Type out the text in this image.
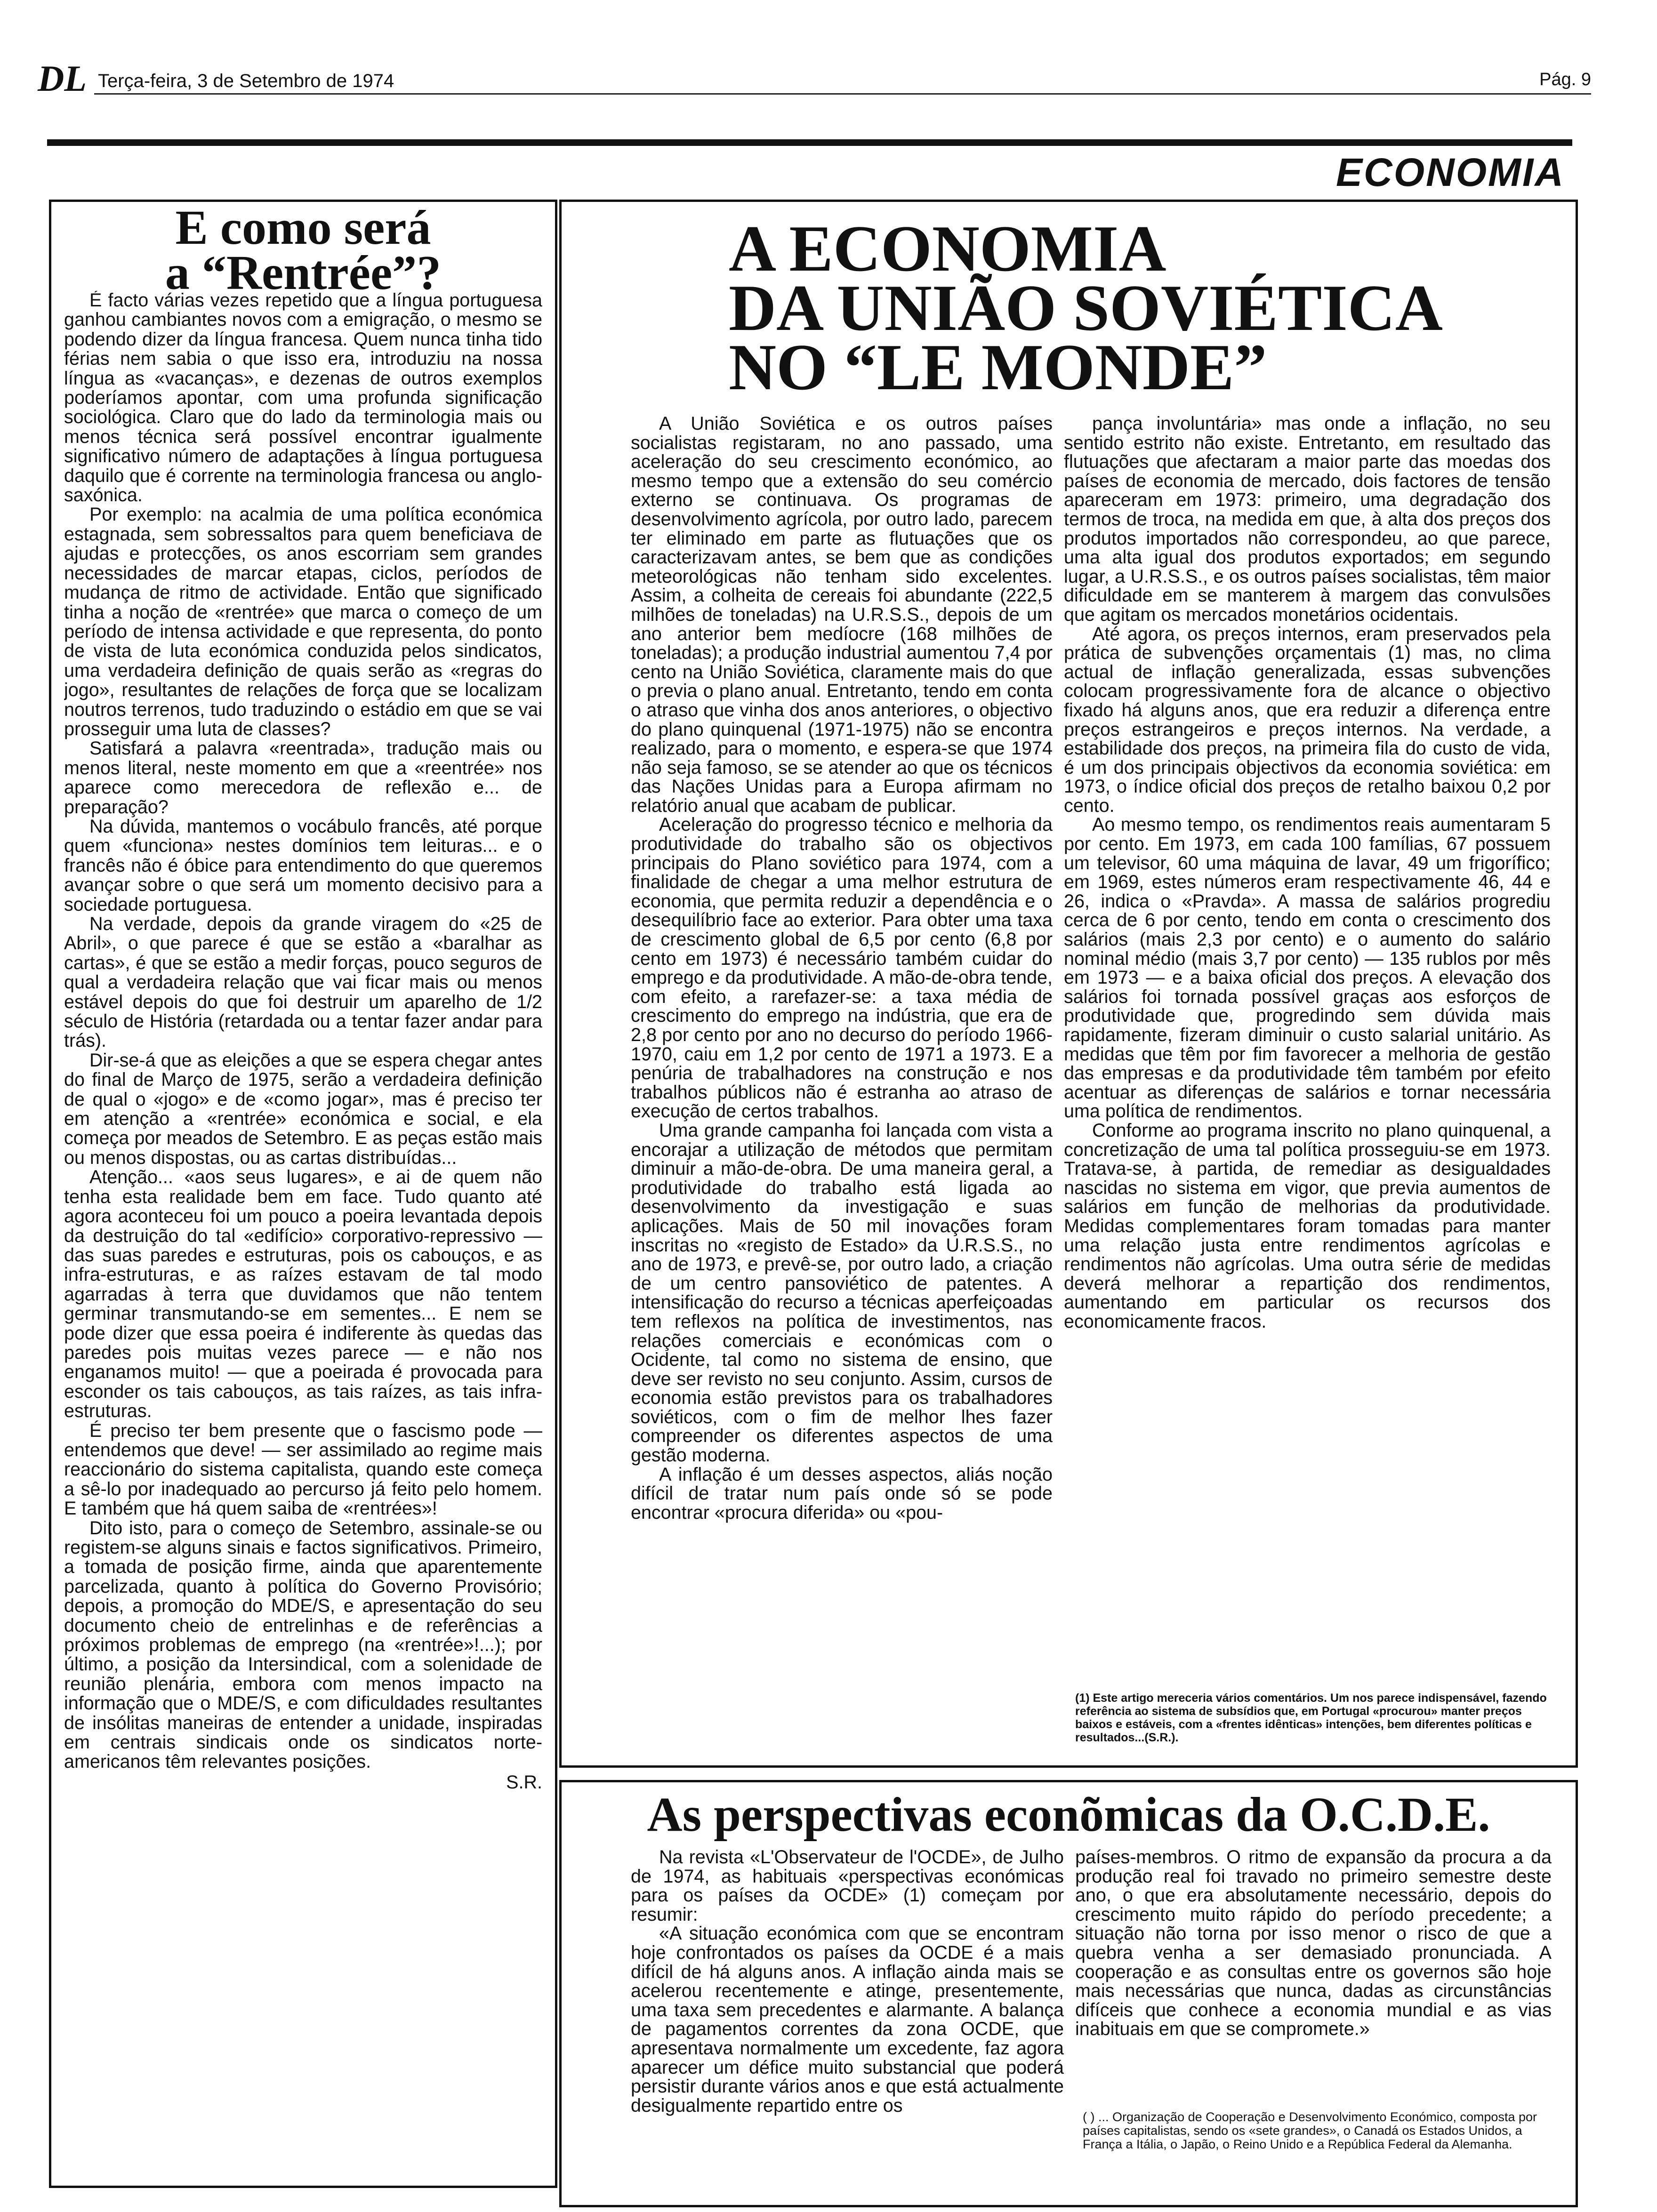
DL Terça-feira, 3 de Setembro de 1974	Pág. 9
ECONOMIA
E como será
a “Rentrée”?

É facto várias vezes repetido que a língua portuguesa ganhou cambiantes novos com a emigração, o mesmo se podendo dizer da língua francesa. Quem nunca tinha tido férias nem sabia o que isso era, introduziu na nossa língua as «vacanças», e dezenas de outros exemplos poderíamos apontar, com uma profunda significação sociológica. Claro que do lado da terminologia mais ou menos técnica será possível encontrar igualmente significativo número de adaptações à língua portuguesa daquilo que é corrente na terminologia francesa ou anglo-saxónica.

Por exemplo: na acalmia de uma política económica estagnada, sem sobressaltos para quem beneficiava de ajudas e protecções, os anos escorriam sem grandes necessidades de marcar etapas, ciclos, períodos de mudança de ritmo de actividade. Então que significado tinha a noção de «rentrée» que marca o começo de um período de intensa actividade e que representa, do ponto de vista de luta económica conduzida pelos sindicatos, uma verdadeira definição de quais serão as «regras do jogo», resultantes de relações de força que se localizam noutros terrenos, tudo traduzindo o estádio em que se vai prosseguir uma luta de classes?

Satisfará a palavra «reentrada», tradução mais ou menos literal, neste momento em que a «reentrée» nos aparece como merecedora de reflexão e... de preparação?

Na dúvida, mantemos o vocábulo francês, até porque quem «funciona» nestes domínios tem leituras... e o francês não é óbice para entendimento do que queremos avançar sobre o que será um momento decisivo para a sociedade portuguesa.

Na verdade, depois da grande viragem do «25 de Abril», o que parece é que se estão a «baralhar as cartas», é que se estão a medir forças, pouco seguros de qual a verdadeira relação que vai ficar mais ou menos estável depois do que foi destruir um aparelho de 1/2 século de História (retardada ou a tentar fazer andar para trás).

Dir-se-á que as eleições a que se espera chegar antes do final de Março de 1975, serão a verdadeira definição de qual o «jogo» e de «como jogar», mas é preciso ter em atenção a «rentrée» económica e social, e ela começa por meados de Setembro. E as peças estão mais ou menos dispostas, ou as cartas distribuídas...

Atenção... «aos seus lugares», e ai de quem não tenha esta realidade bem em face. Tudo quanto até agora aconteceu foi um pouco a poeira levantada depois da destruição do tal «edifício» corporativo-repressivo — das suas paredes e estruturas, pois os cabouços, e as infra-estruturas, e as raízes estavam de tal modo agarradas à terra que duvidamos que não tentem germinar transmutando-se em sementes... E nem se pode dizer que essa poeira é indiferente às quedas das paredes pois muitas vezes parece — e não nos enganamos muito! — que a poeirada é provocada para esconder os tais cabouços, as tais raízes, as tais infra-estruturas.

É preciso ter bem presente que o fascismo pode — entendemos que deve! — ser assimilado ao regime mais reaccionário do sistema capitalista, quando este começa a sê-lo por inadequado ao percurso já feito pelo homem. E também que há quem saiba de «rentrées»!

Dito isto, para o começo de Setembro, assinale-se ou registem-se alguns sinais e factos significativos. Primeiro, a tomada de posição firme, ainda que aparentemente parcelizada, quanto à política do Governo Provisório; depois, a promoção do MDE/S, e apresentação do seu documento cheio de entrelinhas e de referências a próximos problemas de emprego (na «rentrée»!...); por último, a posição da Intersindical, com a solenidade de reunião plenária, embora com menos impacto na informação que o MDE/S, e com dificuldades resultantes de insólitas maneiras de entender a unidade, inspiradas em centrais sindicais onde os sindicatos norte-americanos têm relevantes posições.

S.R.
A ECONOMIA
DA UNIÃO SOVIÉTICA
NO “LE MONDE”

A União Soviética e os outros países socialistas registaram, no ano passado, uma aceleração do seu crescimento económico, ao mesmo tempo que a extensão do seu comércio externo se continuava. Os programas de desenvolvimento agrícola, por outro lado, parecem ter eliminado em parte as flutuações que os caracterizavam antes, se bem que as condições meteorológicas não tenham sido excelentes. Assim, a colheita de cereais foi abundante (222,5 milhões de toneladas) na U.R.S.S., depois de um ano anterior bem medíocre (168 milhões de toneladas); a produção industrial aumentou 7,4 por cento na União Soviética, claramente mais do que o previa o plano anual. Entretanto, tendo em conta o atraso que vinha dos anos anteriores, o objectivo do plano quinquenal (1971-1975) não se encontra realizado, para o momento, e espera-se que 1974 não seja famoso, se se atender ao que os técnicos das Nações Unidas para a Europa afirmam no relatório anual que acabam de publicar.

Aceleração do progresso técnico e melhoria da produtividade do trabalho são os objectivos principais do Plano soviético para 1974, com a finalidade de chegar a uma melhor estrutura de economia, que permita reduzir a dependência e o desequilíbrio face ao exterior. Para obter uma taxa de crescimento global de 6,5 por cento (6,8 por cento em 1973) é necessário também cuidar do emprego e da produtividade. A mão-de-obra tende, com efeito, a rarefazer-se: a taxa média de crescimento do emprego na indústria, que era de 2,8 por cento por ano no decurso do período 1966-1970, caiu em 1,2 por cento de 1971 a 1973. E a penúria de trabalhadores na construção e nos trabalhos públicos não é estranha ao atraso de execução de certos trabalhos.

Uma grande campanha foi lançada com vista a encorajar a utilização de métodos que permitam diminuir a mão-de-obra. De uma maneira geral, a produtividade do trabalho está ligada ao desenvolvimento da investigação e suas aplicações. Mais de 50 mil inovações foram inscritas no «registo de Estado» da U.R.S.S., no ano de 1973, e prevê-se, por outro lado, a criação de um centro pansoviético de patentes. A intensificação do recurso a técnicas aperfeiçoadas tem reflexos na política de investimentos, nas relações comerciais e económicas com o Ocidente, tal como no sistema de ensino, que deve ser revisto no seu conjunto. Assim, cursos de economia estão previstos para os trabalhadores soviéticos, com o fim de melhor lhes fazer compreender os diferentes aspectos de uma gestão moderna.

A inflação é um desses aspectos, aliás noção difícil de tratar num país onde só se pode encontrar «procura diferida» ou «pou-

pança involuntária» mas onde a inflação, no seu sentido estrito não existe. Entretanto, em resultado das flutuações que afectaram a maior parte das moedas dos países de economia de mercado, dois factores de tensão apareceram em 1973: primeiro, uma degradação dos termos de troca, na medida em que, à alta dos preços dos produtos importados não correspondeu, ao que parece, uma alta igual dos produtos exportados; em segundo lugar, a U.R.S.S., e os outros países socialistas, têm maior dificuldade em se manterem à margem das convulsões que agitam os mercados monetários ocidentais.

Até agora, os preços internos, eram preservados pela prática de subvenções orçamentais (1) mas, no clima actual de inflação generalizada, essas subvenções colocam progressivamente fora de alcance o objectivo fixado há alguns anos, que era reduzir a diferença entre preços estrangeiros e preços internos. Na verdade, a estabilidade dos preços, na primeira fila do custo de vida, é um dos principais objectivos da economia soviética: em 1973, o índice oficial dos preços de retalho baixou 0,2 por cento.

Ao mesmo tempo, os rendimentos reais aumentaram 5 por cento. Em 1973, em cada 100 famílias, 67 possuem um televisor, 60 uma máquina de lavar, 49 um frigorífico; em 1969, estes números eram respectivamente 46, 44 e 26, indica o «Pravda». A massa de salários progrediu cerca de 6 por cento, tendo em conta o crescimento dos salários (mais 2,3 por cento) e o aumento do salário nominal médio (mais 3,7 por cento) — 135 rublos por mês em 1973 — e a baixa oficial dos preços. A elevação dos salários foi tornada possível graças aos esforços de produtividade que, progredindo sem dúvida mais rapidamente, fizeram diminuir o custo salarial unitário. As medidas que têm por fim favorecer a melhoria de gestão das empresas e da produtividade têm também por efeito acentuar as diferenças de salários e tornar necessária uma política de rendimentos.

Conforme ao programa inscrito no plano quinquenal, a concretização de uma tal política prosseguiu-se em 1973. Tratava-se, à partida, de remediar as desigualdades nascidas no sistema em vigor, que previa aumentos de salários em função de melhorias da produtividade. Medidas complementares foram tomadas para manter uma relação justa entre rendimentos agrícolas e rendimentos não agrícolas. Uma outra série de medidas deverá melhorar a repartição dos rendimentos, aumentando em particular os recursos dos economicamente fracos.

(1) Este artigo mereceria vários comentários. Um nos parece indispensável, fazendo referência ao sistema de subsídios que, em Portugal «procurou» manter preços baixos e estáveis, com a «frentes idênticas» intenções, bem diferentes políticas e resultados...(S.R.).

As perspectivas econõmicas da O.C.D.E.

Na revista «L'Observateur de l'OCDE», de Julho de 1974, as habituais «perspectivas económicas para os países da OCDE» (1) começam por resumir:

«A situação económica com que se encontram hoje confrontados os países da OCDE é a mais difícil de há alguns anos. A inflação ainda mais se acelerou recentemente e atinge, presentemente, uma taxa sem precedentes e alarmante. A balança de pagamentos correntes da zona OCDE, que apresentava normalmente um excedente, faz agora aparecer um défice muito substancial que poderá persistir durante vários anos e que está actualmente desigualmente repartido entre os

países-membros. O ritmo de expansão da procura a da produção real foi travado no primeiro semestre deste ano, o que era absolutamente necessário, depois do crescimento muito rápido do período precedente; a situação não torna por isso menor o risco de que a quebra venha a ser demasiado pronunciada. A cooperação e as consultas entre os governos são hoje mais necessárias que nunca, dadas as circunstâncias difíceis que conhece a economia mundial e as vias inabituais em que se compromete.»

( ) ... Organização de Cooperação e Desenvolvimento Económico, composta por países capitalistas, sendo os «sete grandes», o Canadá os Estados Unidos, a França a Itália, o Japão, o Reino Unido e a República Federal da Alemanha.
